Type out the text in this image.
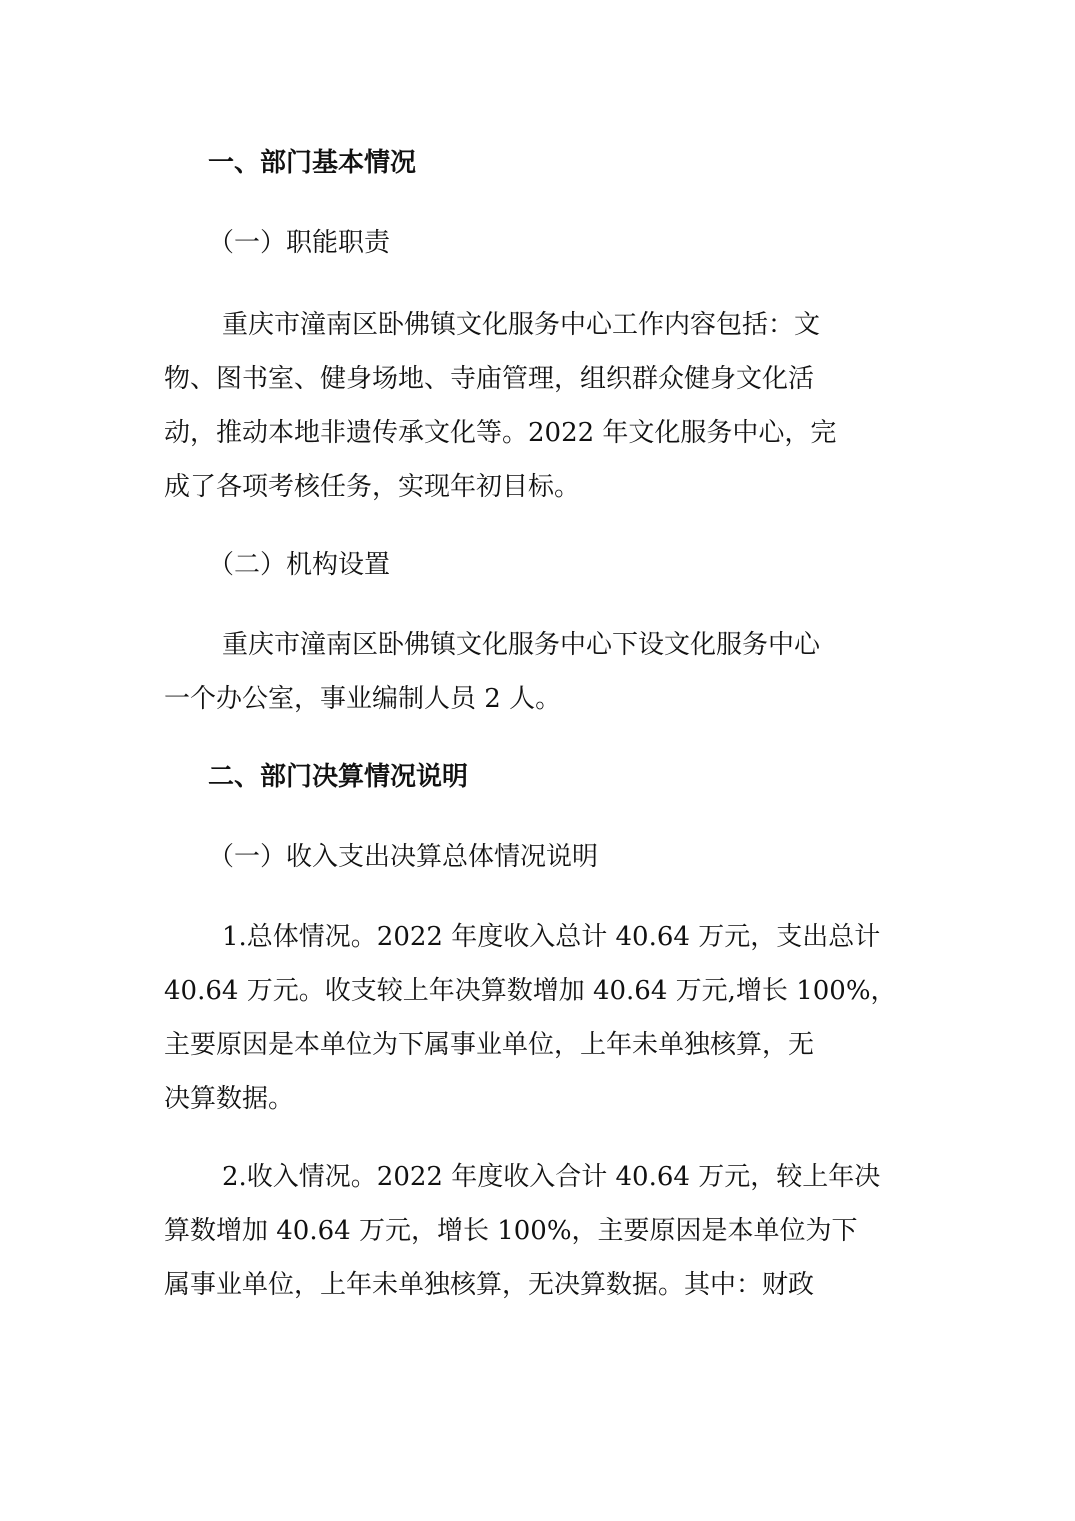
一、部门基本情况
（一）职能职责
重庆市潼南区卧佛镇文化服务中心工作内容包括：文
物、图书室、健身场地、寺庙管理，组织群众健身文化活
动，推动本地非遗传承文化等。2022 年文化服务中心，完
成了各项考核任务，实现年初目标。
（二）机构设置
重庆市潼南区卧佛镇文化服务中心下设文化服务中心
一个办公室，事业编制人员 2 人。
二、部门决算情况说明
（一）收入支出决算总体情况说明
1.总体情况。2022 年度收入总计 40.64 万元，支出总计
40.64 万元。收支较上年决算数增加 40.64 万元,增长 100%，
主要原因是本单位为下属事业单位，上年未单独核算，无
决算数据。
2.收入情况。2022 年度收入合计 40.64 万元，较上年决
算数增加 40.64 万元，增长 100%，主要原因是本单位为下
属事业单位，上年未单独核算，无决算数据。其中：财政
